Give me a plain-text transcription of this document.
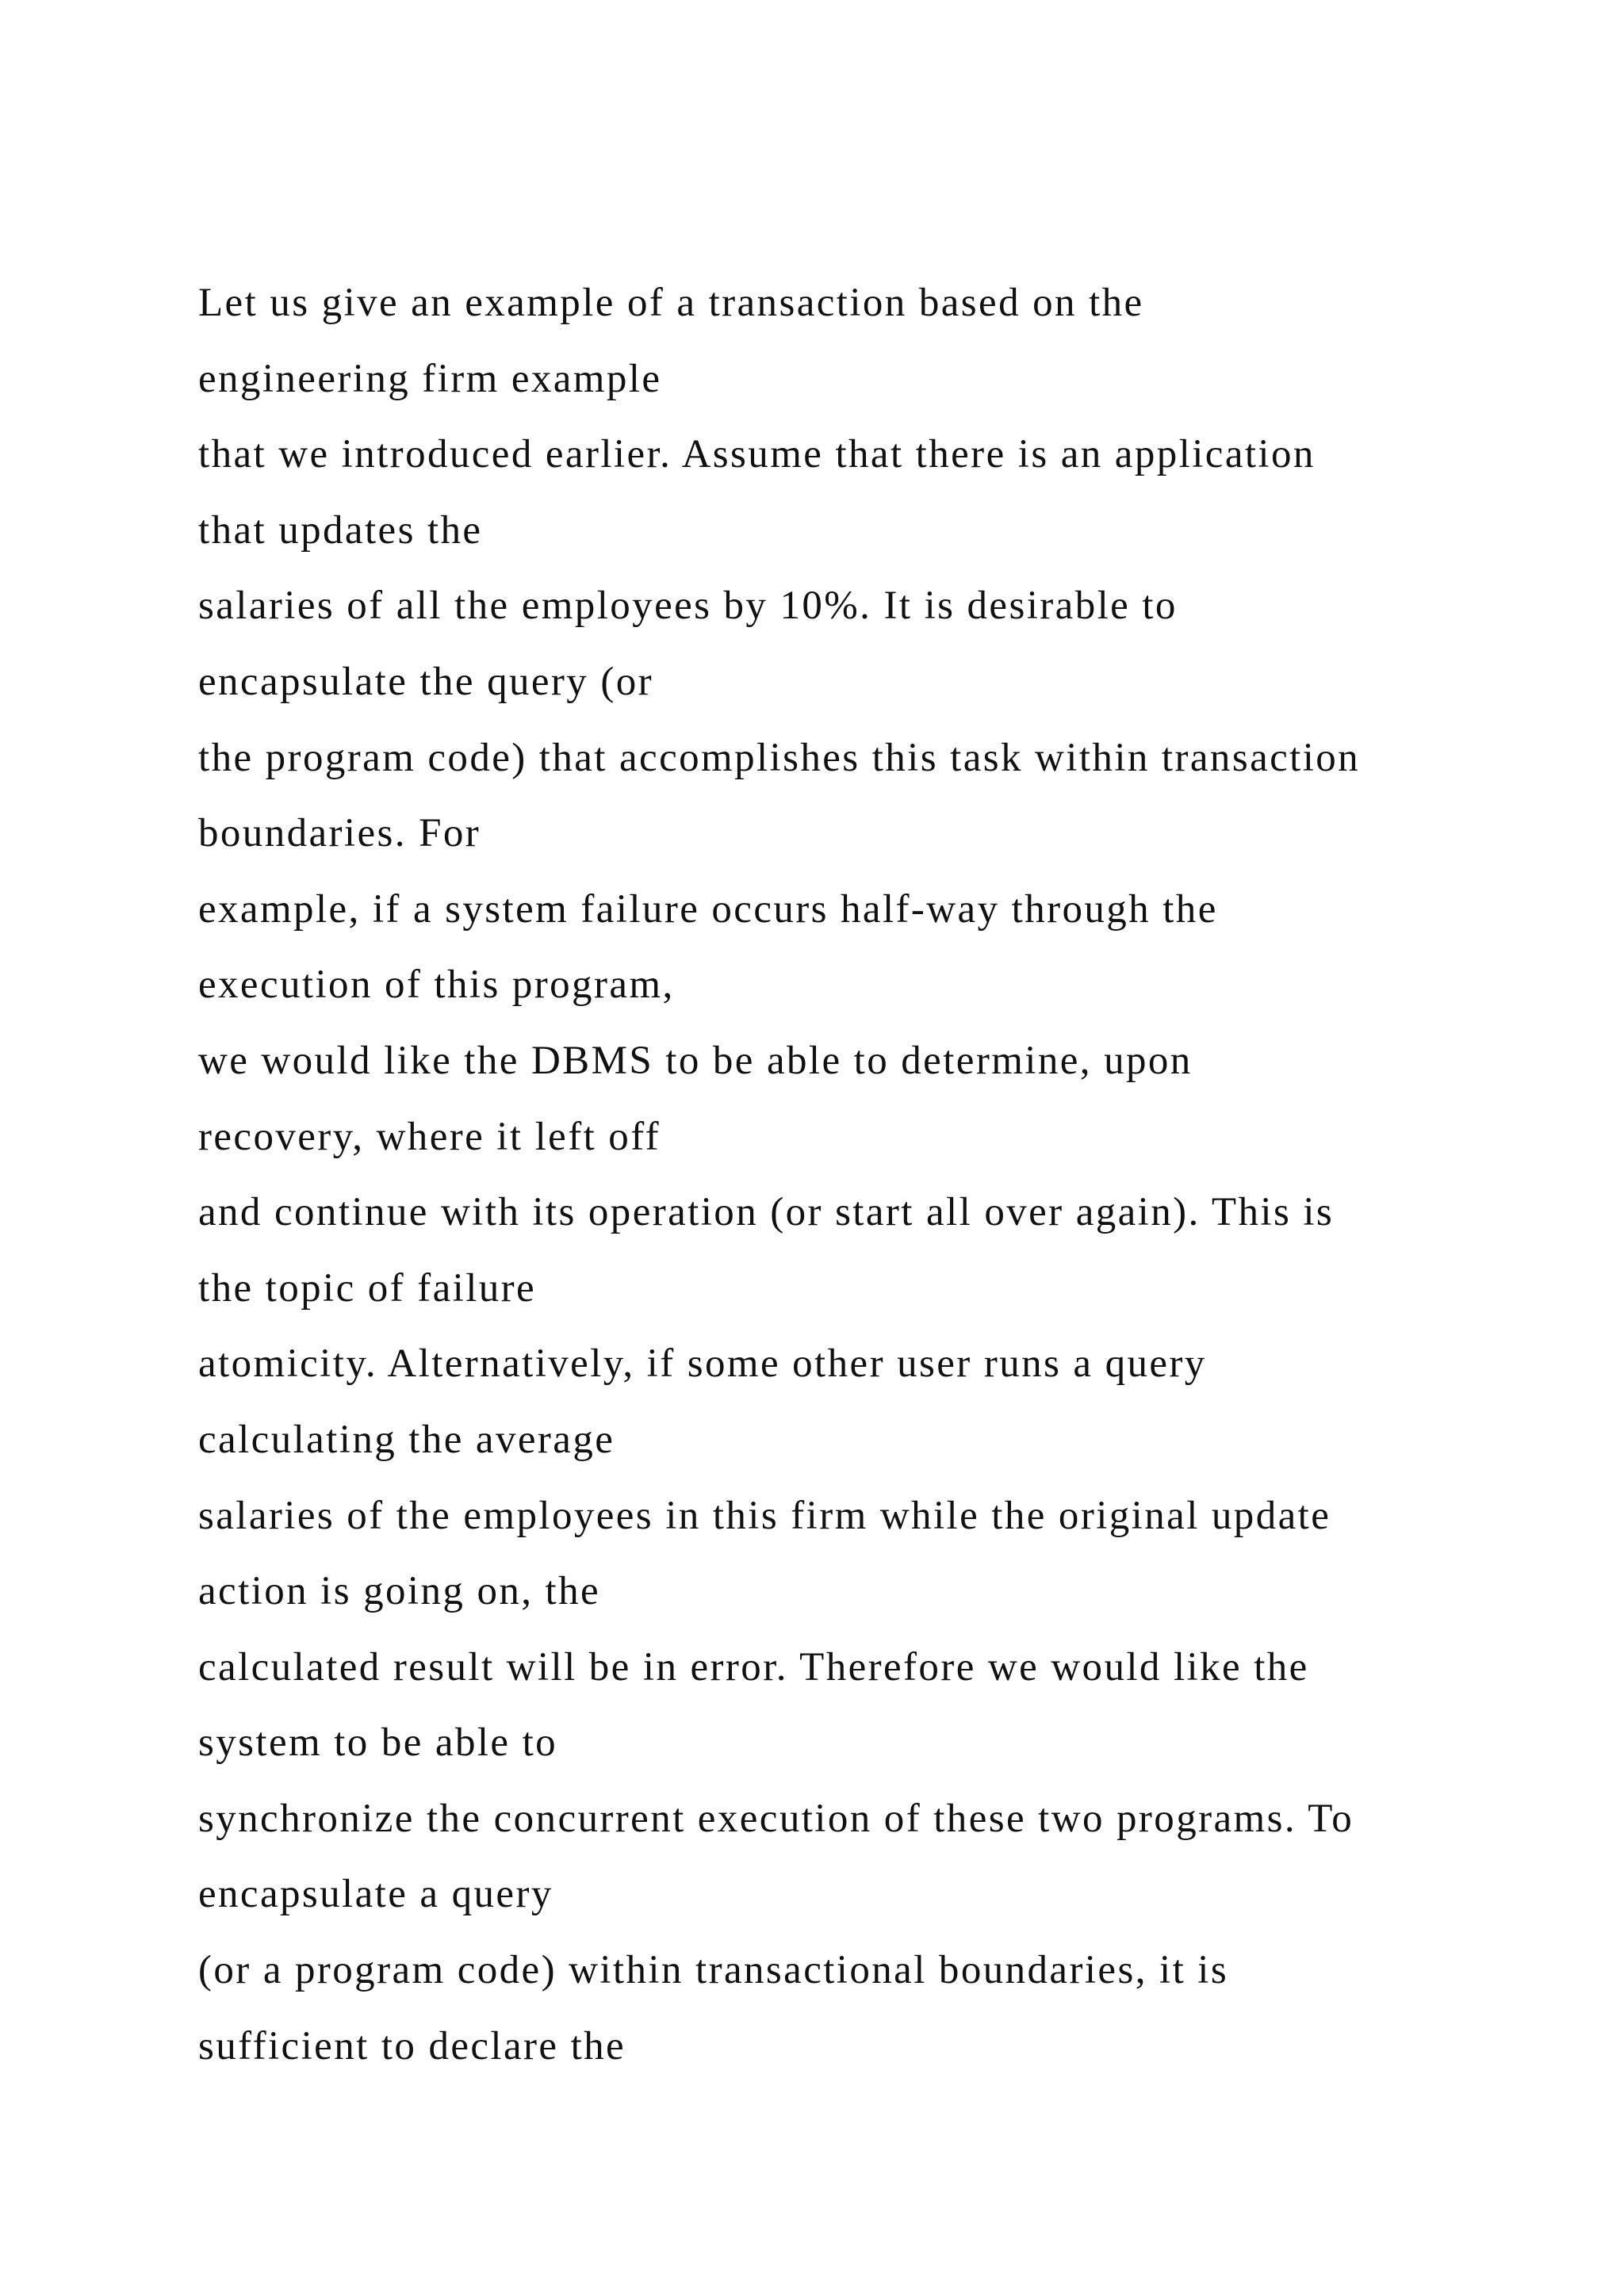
Let us give an example of a transaction based on the
engineering firm example
that we introduced earlier. Assume that there is an application
that updates the
salaries of all the employees by 10%. It is desirable to
encapsulate the query (or
the program code) that accomplishes this task within transaction
boundaries. For
example, if a system failure occurs half-way through the
execution of this program,
we would like the DBMS to be able to determine, upon
recovery, where it left off
and continue with its operation (or start all over again). This is
the topic of failure
atomicity. Alternatively, if some other user runs a query
calculating the average
salaries of the employees in this firm while the original update
action is going on, the
calculated result will be in error. Therefore we would like the
system to be able to
synchronize the concurrent execution of these two programs. To
encapsulate a query
(or a program code) within transactional boundaries, it is
sufficient to declare the
